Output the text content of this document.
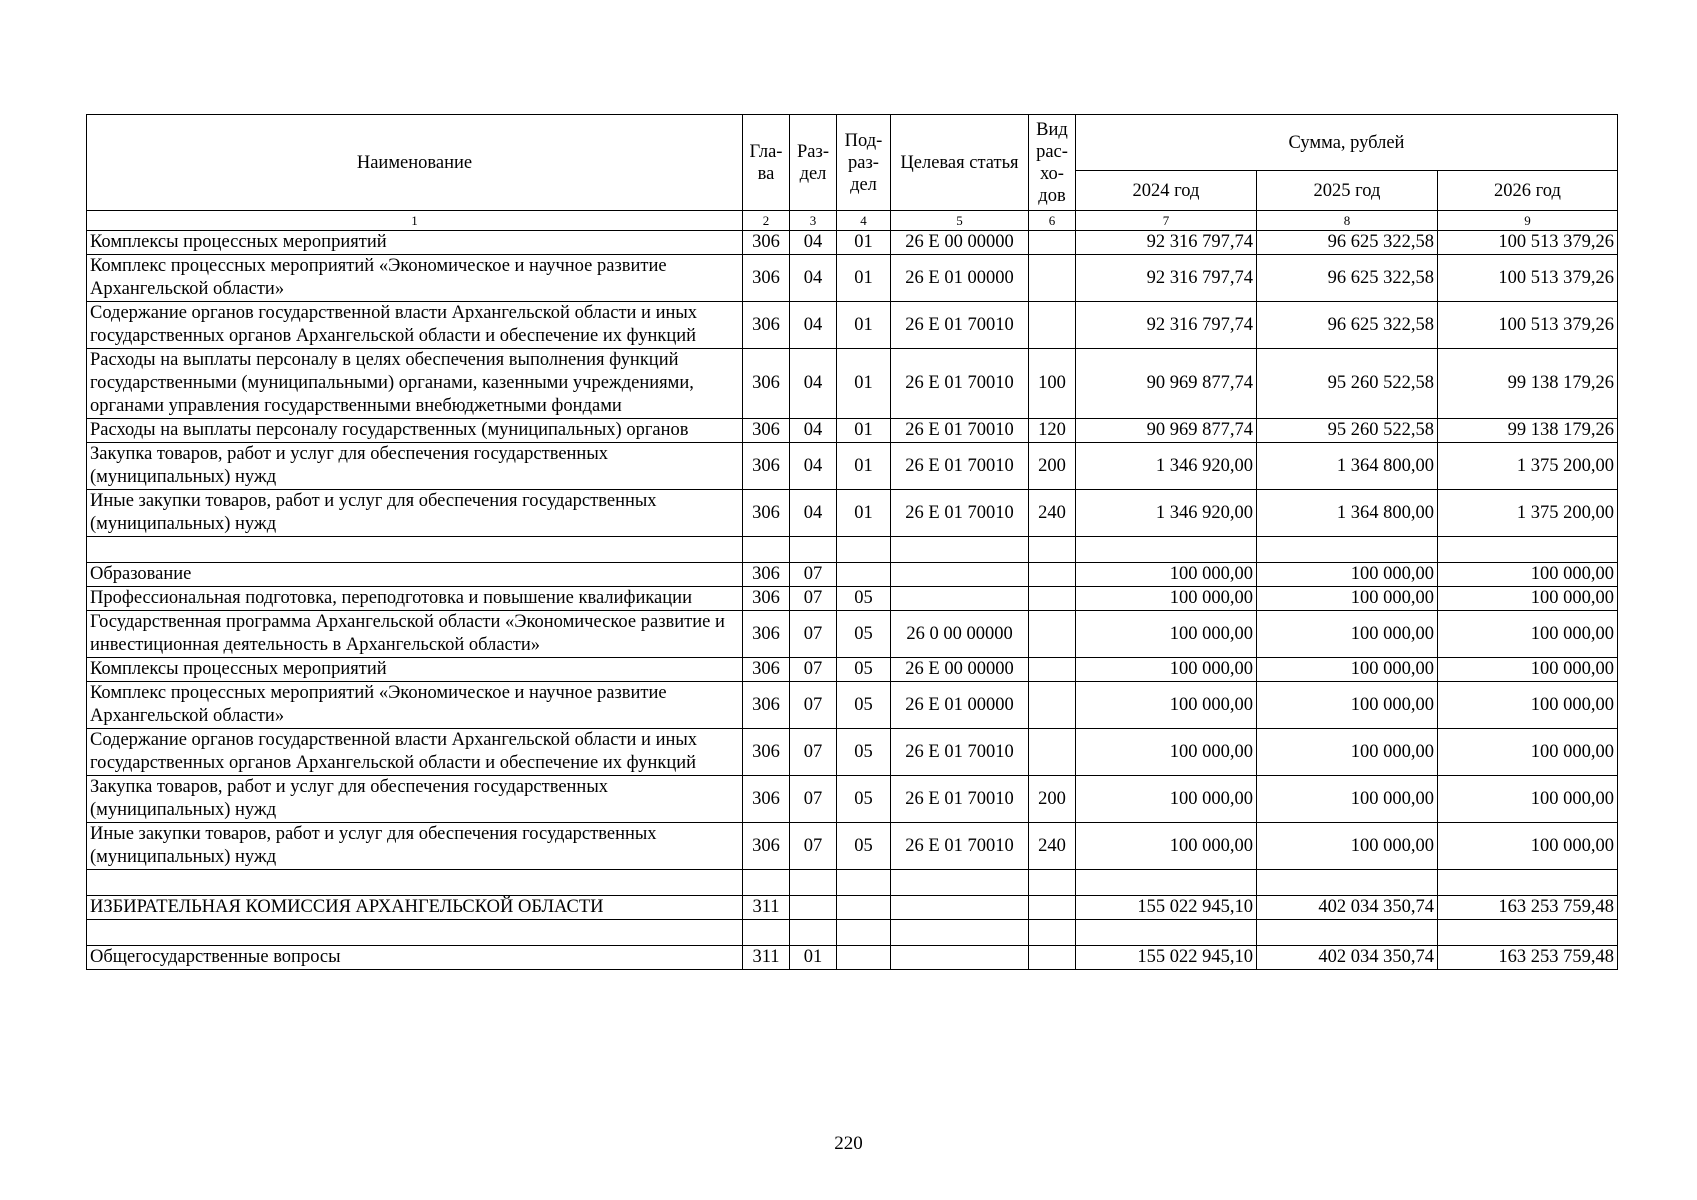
Наименование	Гла-ва	Раз-дел	Под-раз-дел	Целевая статья	Вид рас-хо-дов	Сумма, рублей		
						2024 год	2025 год	2026 год
1	2	3	4	5	6	7	8	9
Комплексы процессных мероприятий	306	04	01	26 Е 00 00000		92 316 797,74	96 625 322,58	100 513 379,26
Комплекс процессных мероприятий «Экономическое и научное развитие Архангельской области»	306	04	01	26 Е 01 00000		92 316 797,74	96 625 322,58	100 513 379,26
Содержание органов государственной власти Архангельской области и иных государственных органов Архангельской области и обеспечение их функций	306	04	01	26 Е 01 70010		92 316 797,74	96 625 322,58	100 513 379,26
Расходы на выплаты персоналу в целях обеспечения выполнения функций государственными (муниципальными) органами, казенными учреждениями, органами управления государственными внебюджетными фондами	306	04	01	26 Е 01 70010	100	90 969 877,74	95 260 522,58	99 138 179,26
Расходы на выплаты персоналу государственных (муниципальных) органов	306	04	01	26 Е 01 70010	120	90 969 877,74	95 260 522,58	99 138 179,26
Закупка товаров, работ и услуг для обеспечения государственных (муниципальных) нужд	306	04	01	26 Е 01 70010	200	1 346 920,00	1 364 800,00	1 375 200,00
Иные закупки товаров, работ и услуг для обеспечения государственных (муниципальных) нужд	306	04	01	26 Е 01 70010	240	1 346 920,00	1 364 800,00	1 375 200,00

Образование	306	07				100 000,00	100 000,00	100 000,00
Профессиональная подготовка, переподготовка и повышение квалификации	306	07	05			100 000,00	100 000,00	100 000,00
Государственная программа Архангельской области «Экономическое развитие и инвестиционная деятельность в Архангельской области»	306	07	05	26 0 00 00000		100 000,00	100 000,00	100 000,00
Комплексы процессных мероприятий	306	07	05	26 Е 00 00000		100 000,00	100 000,00	100 000,00
Комплекс процессных мероприятий «Экономическое и научное развитие Архангельской области»	306	07	05	26 Е 01 00000		100 000,00	100 000,00	100 000,00
Содержание органов государственной власти Архангельской области и иных государственных органов Архангельской области и обеспечение их функций	306	07	05	26 Е 01 70010		100 000,00	100 000,00	100 000,00
Закупка товаров, работ и услуг для обеспечения государственных (муниципальных) нужд	306	07	05	26 Е 01 70010	200	100 000,00	100 000,00	100 000,00
Иные закупки товаров, работ и услуг для обеспечения государственных (муниципальных) нужд	306	07	05	26 Е 01 70010	240	100 000,00	100 000,00	100 000,00

ИЗБИРАТЕЛЬНАЯ КОМИССИЯ АРХАНГЕЛЬСКОЙ ОБЛАСТИ	311					155 022 945,10	402 034 350,74	163 253 759,48

Общегосударственные вопросы	311	01				155 022 945,10	402 034 350,74	163 253 759,48
220
